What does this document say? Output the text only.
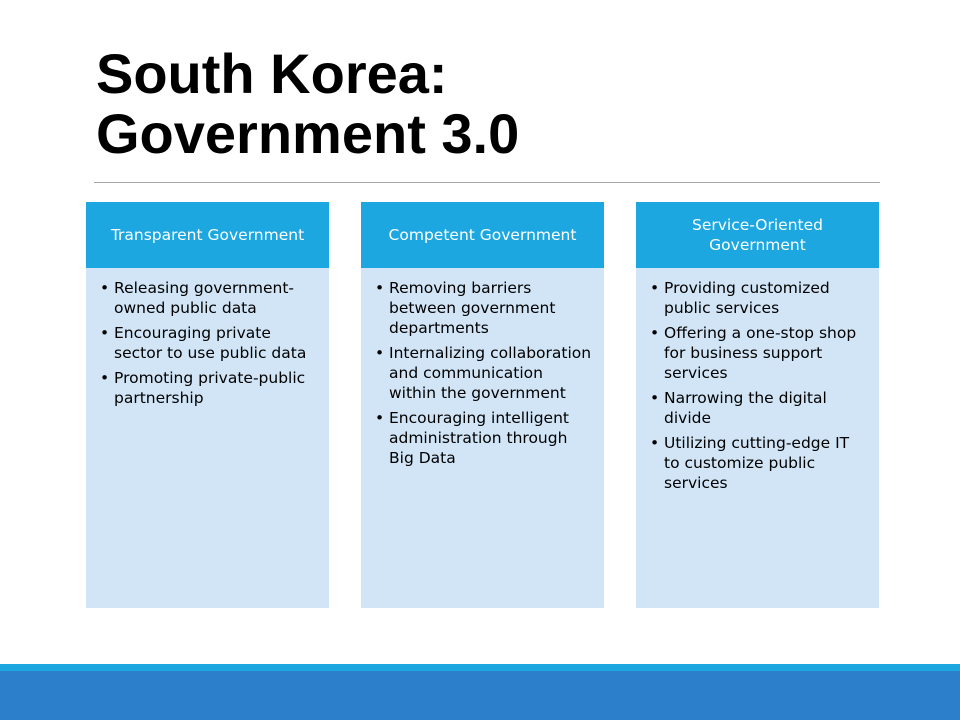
South Korea:
Government 3.0
Transparent Government
• Releasing government-owned public data
• Encouraging private sector to use public data
• Promoting private-public partnership
Competent Government
• Removing barriers between government departments
• Internalizing collaboration and communication within the government
• Encouraging intelligent administration through Big Data
Service-Oriented Government
• Providing customized public services
• Offering a one-stop shop for business support services
• Narrowing the digital divide
• Utilizing cutting-edge IT to customize public services
